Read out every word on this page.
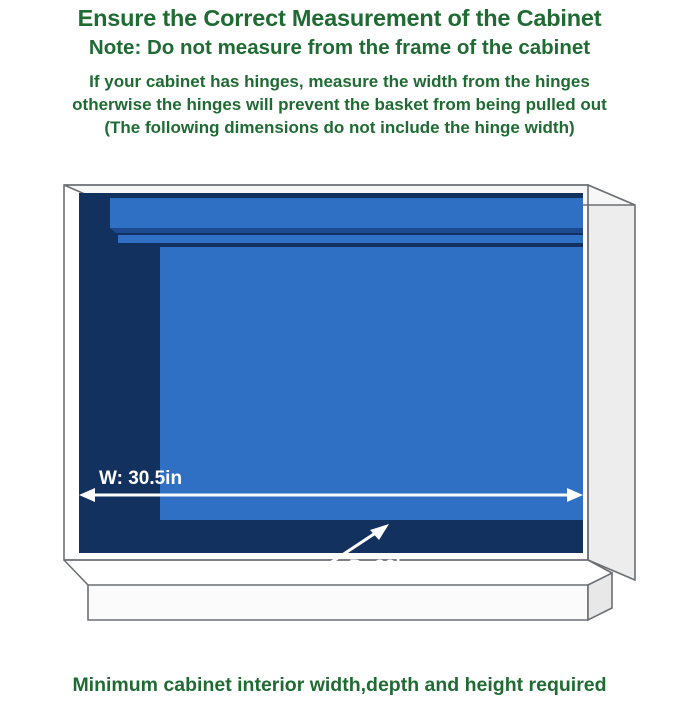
Ensure the Correct Measurement of the Cabinet
Note: Do not measure from the frame of the cabinet
If your cabinet has hinges, measure the width from the hinges
otherwise the hinges will prevent the basket from being pulled out
(The following dimensions do not include the hinge width)
W: 30.5in
D: 22in
Minimum cabinet interior width,depth and height required
